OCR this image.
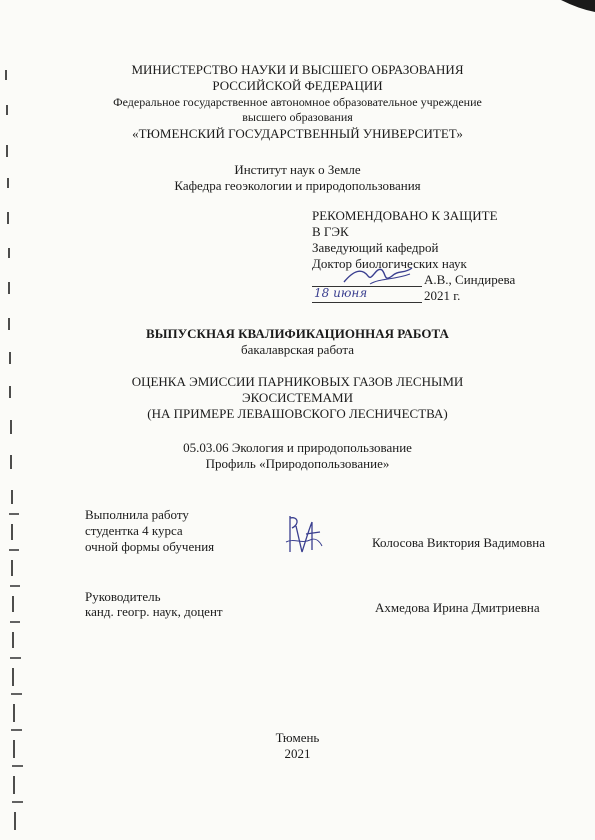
МИНИСТЕРСТВО НАУКИ И ВЫСШЕГО ОБРАЗОВАНИЯ
РОССИЙСКОЙ ФЕДЕРАЦИИ
Федеральное государственное автономное образовательное учреждение
высшего образования
«ТЮМЕНСКИЙ ГОСУДАРСТВЕННЫЙ УНИВЕРСИТЕТ»
Институт наук о Земле
Кафедра геоэкологии и природопользования
РЕКОМЕНДОВАНО К ЗАЩИТЕ
В ГЭК
Заведующий кафедрой
Доктор биологических наук
А.В., Синдирева
18 июня	2021 г.
ВЫПУСКНАЯ КВАЛИФИКАЦИОННАЯ РАБОТА
бакалаврская работа
ОЦЕНКА ЭМИССИИ ПАРНИКОВЫХ ГАЗОВ ЛЕСНЫМИ
ЭКОСИСТЕМАМИ
(НА ПРИМЕРЕ ЛЕВАШОВСКОГО ЛЕСНИЧЕСТВА)
05.03.06 Экология и природопользование
Профиль «Природопользование»
Выполнила работу
студентка 4 курса
очной формы обучения	Колосова Виктория Вадимовна
Руководитель
канд. геогр. наук, доцент	Ахмедова Ирина Дмитриевна
Тюмень
2021
